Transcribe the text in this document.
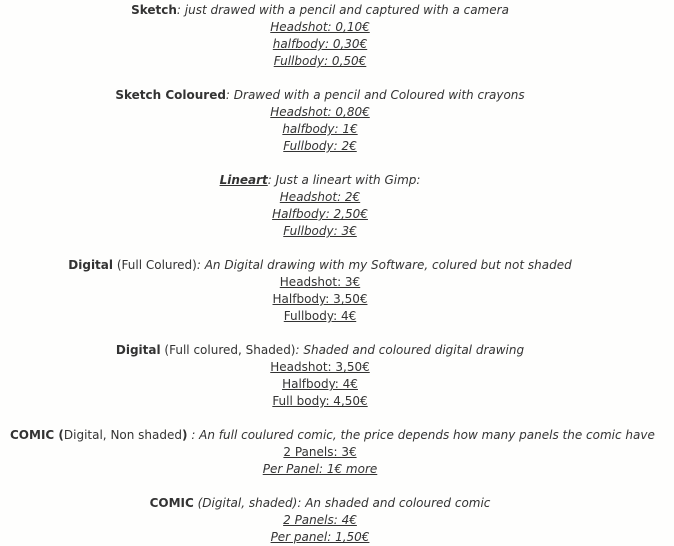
Sketch: just drawed with a pencil and captured with a camera
Headshot: 0,10€
halfbody: 0,30€
Fullbody: 0,50€
Sketch Coloured: Drawed with a pencil and Coloured with crayons
Headshot: 0,80€
halfbody: 1€
Fullbody: 2€
Lineart: Just a lineart with Gimp:
Headshot: 2€
Halfbody: 2,50€
Fullbody: 3€
Digital (Full Colured): An Digital drawing with my Software, colured but not shaded
Headshot: 3€
Halfbody: 3,50€
Fullbody: 4€
Digital (Full colured, Shaded): Shaded and coloured digital drawing
Headshot: 3,50€
Halfbody: 4€
Full body: 4,50€
COMIC (Digital, Non shaded) : An full coulured comic, the price depends how many panels the comic have
2 Panels: 3€
Per Panel: 1€ more
COMIC (Digital, shaded): An shaded and coloured comic
2 Panels: 4€
Per panel: 1,50€
